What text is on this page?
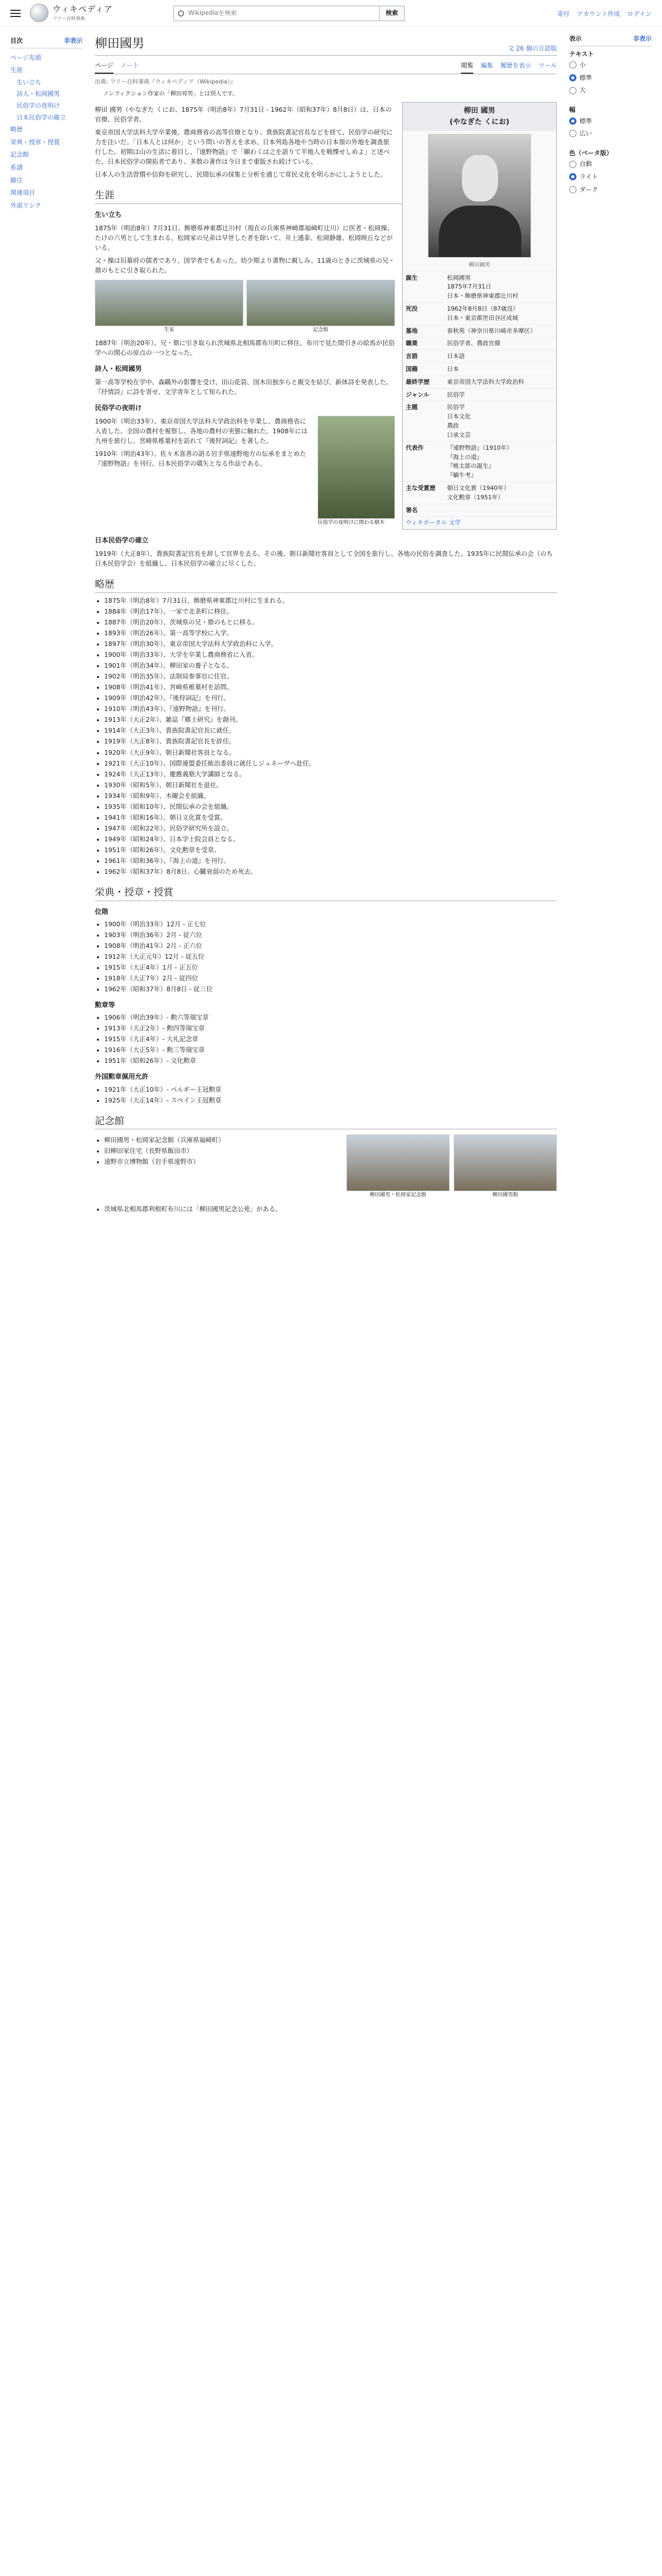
ウィキペディア
フリー百科事典
Wikipediaを検索	検索	寄付 アカウント作成 ログイン
目次	非表示
ページ先頭
生涯
生い立ち
詩人・松岡國男
民俗学の夜明け
日本民俗学の確立
略歴
栄典・授章・授賞
記念館
系譜
脚注
関連項目
外部リンク
柳田國男	文 26 個の言語版
ページ ノート	閲覧 編集 履歴を表示 ツール
出典: フリー百科事典『ウィキペディア（Wikipedia）』
ノンフィクション作家の「柳田邦男」とは別人です。
柳田 國男
(やなぎた くにお)
柳田國男
誕生	松岡國男
1875年7月31日
日本・飾磨県神東郡辻川村
死没	1962年8月8日（87歳没）
日本・東京都世田谷区成城
墓地	春秋苑（神奈川県川崎市多摩区）
職業	民俗学者、農政官僚
言語	日本語
国籍	日本
最終学歴	東京帝国大学法科大学政治科
ジャンル	民俗学
主題	民俗学
日本文化
農政
口承文芸
代表作	『遠野物語』（1910年）
『海上の道』
『桃太郎の誕生』
『蝸牛考』
主な受賞歴	朝日文化賞（1940年）
文化勲章（1951年）
署名
ウィキポータル 文学

柳田 國男（やなぎた くにお、1875年（明治8年）7月31日 - 1962年（昭和37年）8月8日）は、日本の官僚、民俗学者。

東京帝国大学法科大学卒業後、農商務省の高等官僚となり、貴族院書記官長などを経て、民俗学の研究に力を注いだ。「日本人とは何か」という問いの答えを求め、日本列島各地や当時の日本領の外地を調査旅行した。初期は山の生活に着目し、『遠野物語』で「願わくは之を語りて平地人を戦慄せしめよ」と述べた。日本民俗学の開拓者であり、多数の著作は今日まで重版され続けている。

日本人の生活習慣や信仰を研究し、民間伝承の採集と分析を通じて常民文化を明らかにしようとした。

生涯
生い立ち

1875年（明治8年）7月31日、飾磨県神東郡辻川村（現在の兵庫県神崎郡福崎町辻川）に医者・松岡操、たけの六男として生まれる。松岡家の兄弟は早世した者を除いて、井上通泰、松岡静雄、松岡映丘などがいる。

父・操は旧幕府の儒者であり、国学者でもあった。幼少期より書物に親しみ、11歳のときに茨城県の兄・鼎のもとに引き取られた。

生家	記念館

1887年（明治20年）、兄・鼎に引き取られ茨城県北相馬郡布川町に移住。布川で見た間引きの絵馬が民俗学への関心の原点の一つとなった。

詩人・松岡國男

第一高等学校在学中、森鷗外の影響を受け、田山花袋、国木田独歩らと親交を結び、新体詩を発表した。『抒情詩』に詩を寄せ、文学青年として知られた。

民俗学の夜明け
民俗学の夜明けに関わる樹木

1900年（明治33年）、東京帝国大学法科大学政治科を卒業し、農商務省に入省した。全国の農村を視察し、各地の農村の実態に触れた。1908年には九州を旅行し、宮崎県椎葉村を訪れて『後狩詞記』を著した。

1910年（明治43年）、佐々木喜善の語る岩手県遠野地方の伝承をまとめた『遠野物語』を刊行。日本民俗学の嚆矢となる作品である。

日本民俗学の確立

1919年（大正8年）、貴族院書記官長を辞して官界を去る。その後、朝日新聞社客員として全国を旅行し、各地の民俗を調査した。1935年に民間伝承の会（のち日本民俗学会）を組織し、日本民俗学の確立に尽くした。

略歴
• 1875年（明治8年）7月31日、飾磨県神東郡辻川村に生まれる。
• 1884年（明治17年）、一家で北条町に移住。
• 1887年（明治20年）、茨城県の兄・鼎のもとに移る。
• 1893年（明治26年）、第一高等学校に入学。
• 1897年（明治30年）、東京帝国大学法科大学政治科に入学。
• 1900年（明治33年）、大学を卒業し農商務省に入省。
• 1901年（明治34年）、柳田家の養子となる。
• 1902年（明治35年）、法制局参事官に任官。
• 1908年（明治41年）、宮崎県椎葉村を訪問。
• 1909年（明治42年）、『後狩詞記』を刊行。
• 1910年（明治43年）、『遠野物語』を刊行。
• 1913年（大正2年）、雑誌『郷土研究』を創刊。
• 1914年（大正3年）、貴族院書記官長に就任。
• 1919年（大正8年）、貴族院書記官長を辞任。
• 1920年（大正9年）、朝日新聞社客員となる。
• 1921年（大正10年）、国際連盟委任統治委員に就任しジュネーヴへ赴任。
• 1924年（大正13年）、慶應義塾大学講師となる。
• 1930年（昭和5年）、朝日新聞社を退社。
• 1934年（昭和9年）、木曜会を組織。
• 1935年（昭和10年）、民間伝承の会を組織。
• 1941年（昭和16年）、朝日文化賞を受賞。
• 1947年（昭和22年）、民俗学研究所を設立。
• 1949年（昭和24年）、日本学士院会員となる。
• 1951年（昭和26年）、文化勲章を受章。
• 1961年（昭和36年）、『海上の道』を刊行。
• 1962年（昭和37年）8月8日、心臓衰弱のため死去。
栄典・授章・授賞
位階
• 1900年（明治33年）12月 - 正七位
• 1903年（明治36年）2月 - 従六位
• 1908年（明治41年）2月 - 正六位
• 1912年（大正元年）12月 - 従五位
• 1915年（大正4年）1月 - 正五位
• 1918年（大正7年）2月 - 従四位
• 1962年（昭和37年）8月8日 - 従三位
勲章等
• 1906年（明治39年）- 勲六等瑞宝章
• 1913年（大正2年）- 勲四等瑞宝章
• 1915年（大正4年）- 大礼記念章
• 1916年（大正5年）- 勲三等瑞宝章
• 1951年（昭和26年）- 文化勲章
外国勲章佩用允許
• 1921年（大正10年）- ベルギー王冠勲章
• 1925年（大正14年）- スペイン王冠勲章
記念館
• 柳田國男・松岡家記念館（兵庫県福崎町）
• 旧柳田家住宅（長野県飯田市）
• 遠野市立博物館（岩手県遠野市）
柳田國男・松岡家記念館	柳田國男館
• 茨城県北相馬郡利根町布川には「柳田國男記念公苑」がある。
表示	非表示
テキスト
小
標準
大
幅
標準
広い
色（ベータ版）
自動
ライト
ダーク
